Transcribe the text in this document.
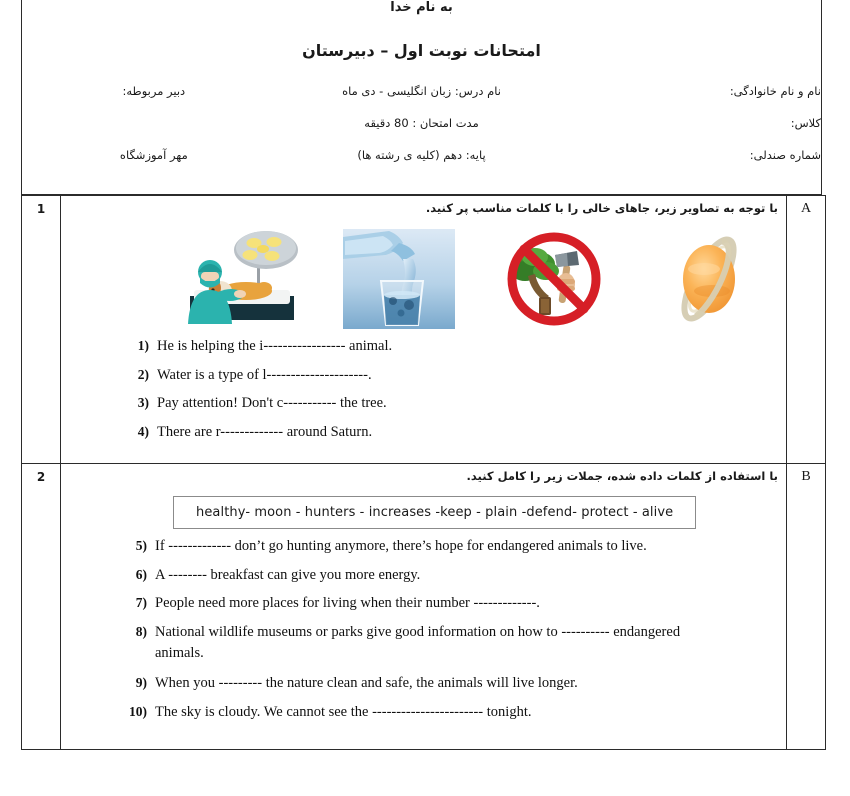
به نام خدا
امتحانات نوبت اول – دبیرستان
نام و نام خانوادگی:	نام درس: زبان انگلیسی - دی ماه	دبیر مربوطه:
کلاس:	مدت امتحان : 80 دقیقه	
شماره صندلی:	پایه: دهم (کلیه ی رشته ها)	مهر آموزشگاه
1	با توجه به تصاویر زیر، جاهای خالی را با کلمات مناسب پر کنید.
1) He is helping the i----------------- animal.
2) Water is a type of l---------------------.
3) Pay attention! Don't c----------- the tree.
4) There are r------------- around Saturn.

A

2	با استفاده از کلمات داده شده، جملات زیر را کامل کنید.
healthy- moon - hunters - increases -keep - plain -defend- protect - alive
5) If ------------- don’t go hunting anymore, there’s hope for endangered animals to live.
6) A -------- breakfast can give you more energy.
7) People need more places for living when their number -------------.
8) National wildlife museums or parks give good information on how to ---------- endangered
animals.
9) When you --------- the nature clean and safe, the animals will live longer.
10) The sky is cloudy. We cannot see the ----------------------- tonight.

B
